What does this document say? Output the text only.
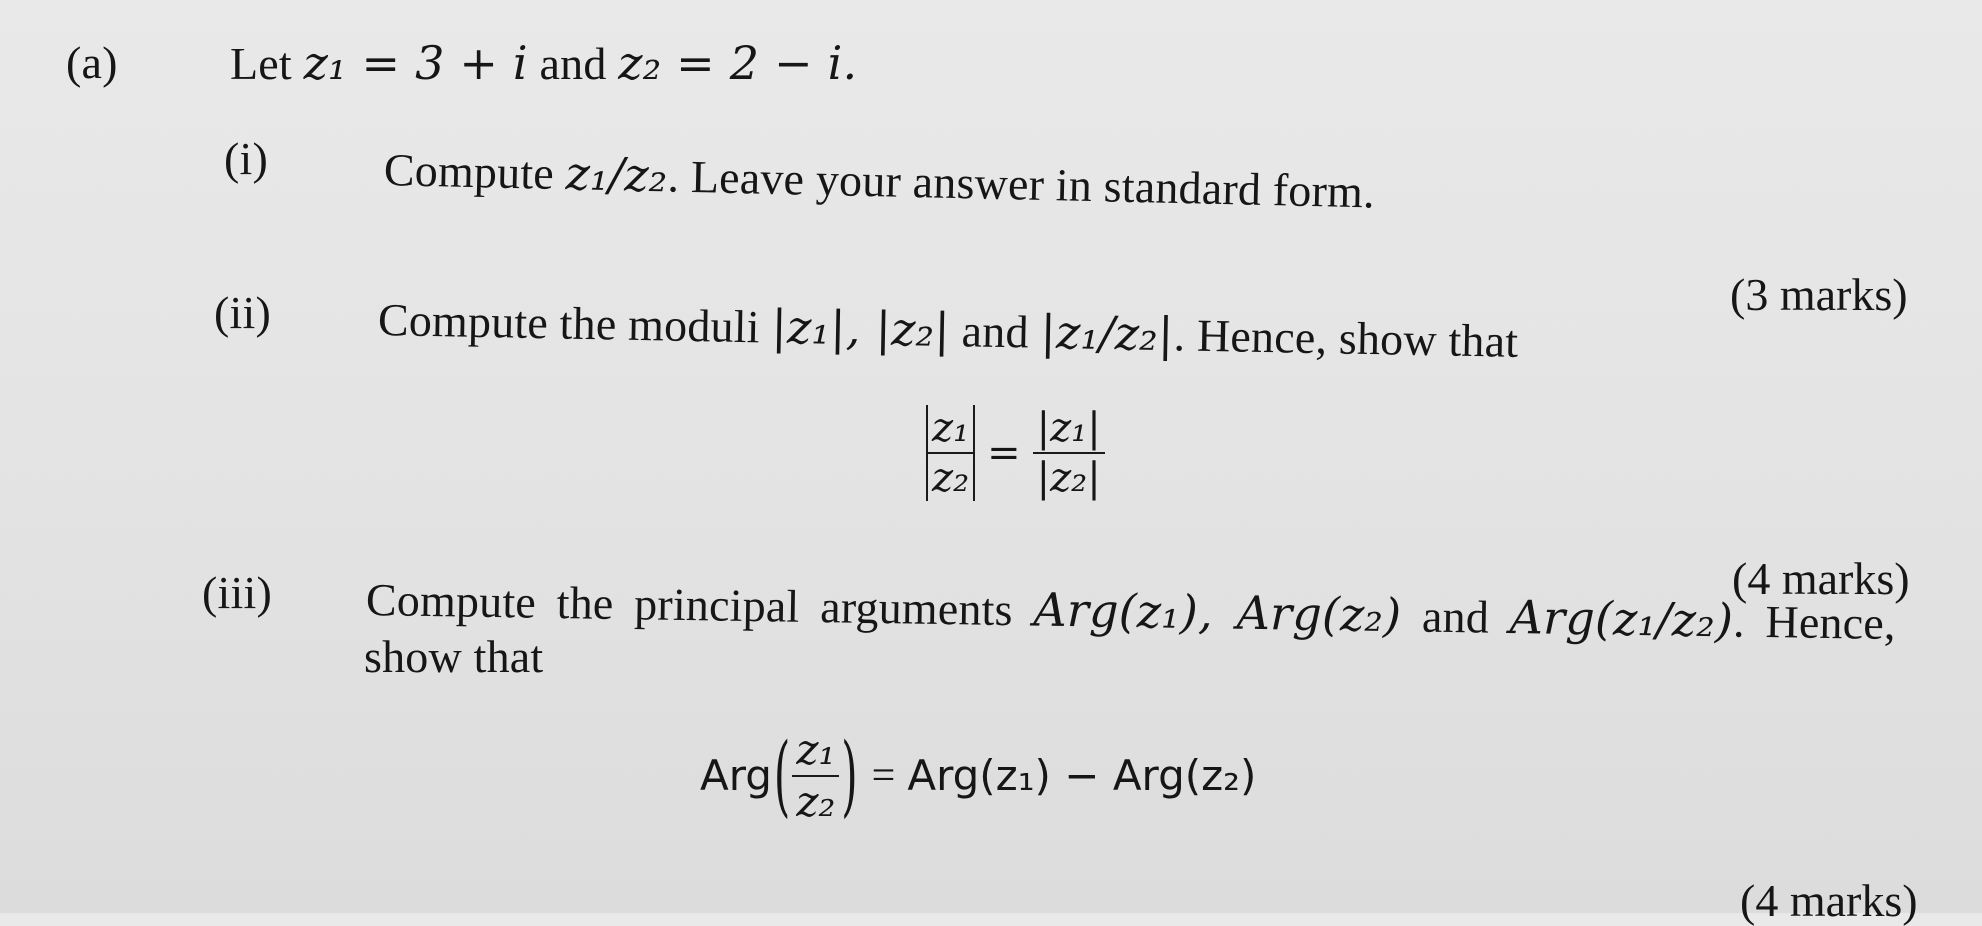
(a) Let z₁ = 3 + i and z₂ = 2 − i.
(i)	Compute z₁/z₂. Leave your answer in standard form.
(3 marks)
(ii) Compute the moduli |z₁|, |z₂| and |z₁/z₂|. Hence, show that
$\frac{\text{z₁}}{\text{z₂}} = \frac{\text{|z₁|}}{\text{|z₂|}}$
(4 marks)
(iii) Compute the principal arguments Arg(z₁), Arg(z₂) and Arg(z₁/z₂). Hence,
show that
Arg ( $\frac{\text{z₁}}{\text{z₂}}$ ) = Arg(z₁) − Arg(z₂)
(4 marks)
